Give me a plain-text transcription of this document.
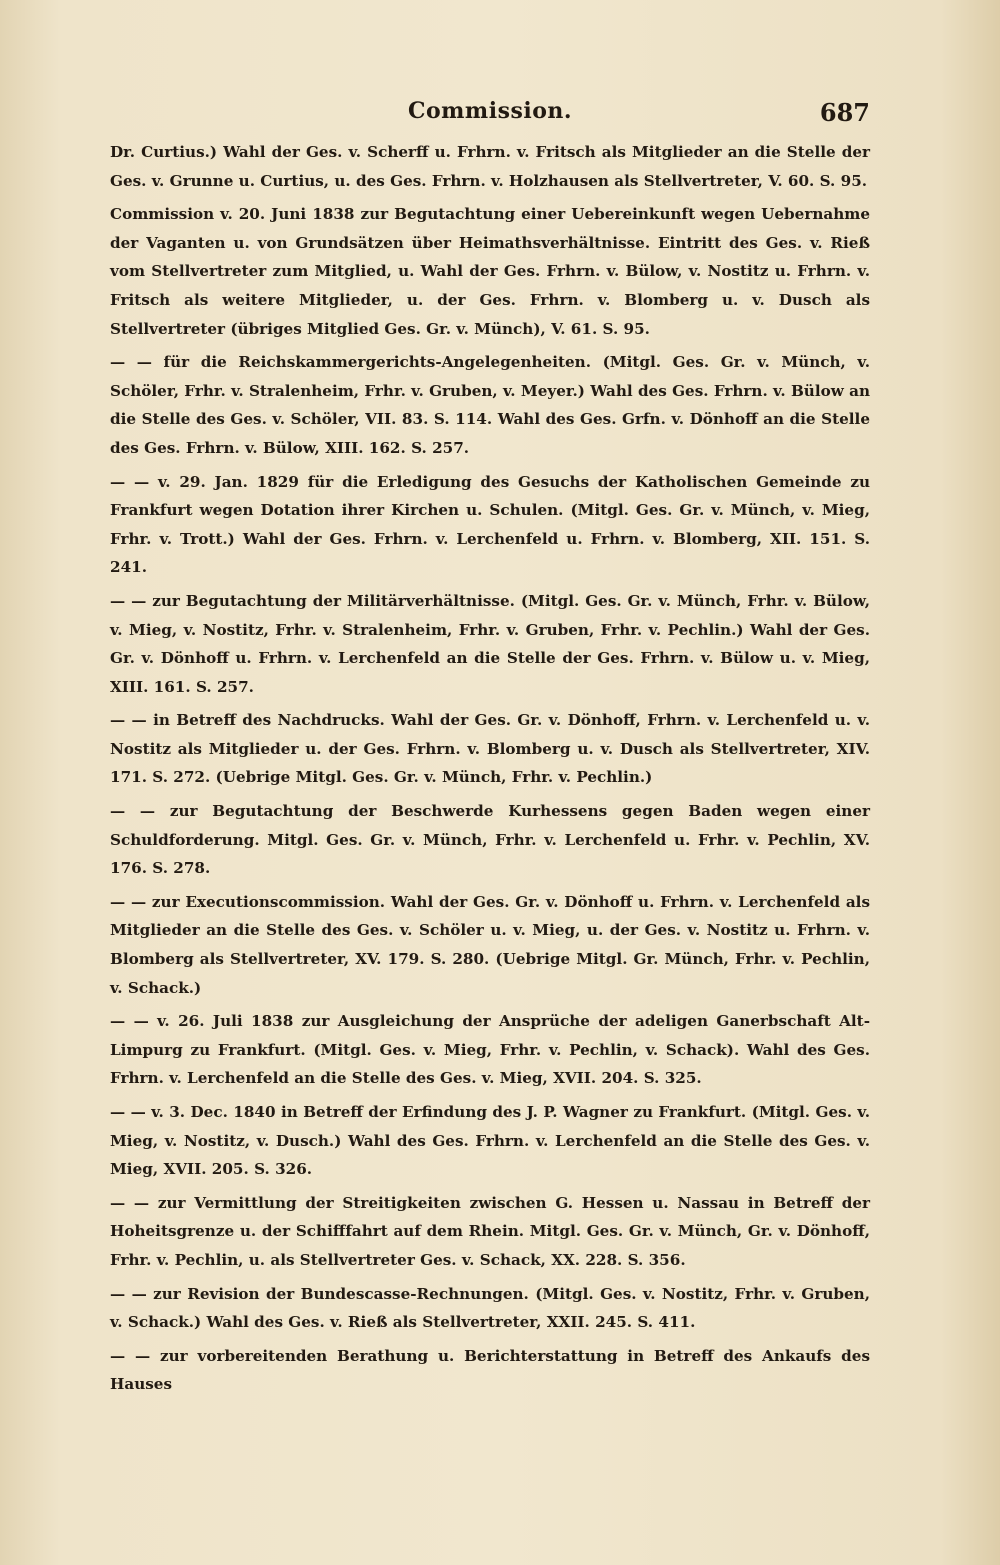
Commission.	687

Dr. Curtius.) Wahl der Ges. v. Scherff u. Frhrn. v. Fritsch als Mitglieder an die Stelle der Ges. v. Grunne u. Curtius, u. des Ges. Frhrn. v. Holzhausen als Stellvertreter, V. 60. S. 95.

Commission v. 20. Juni 1838 zur Begutachtung einer Uebereinkunft wegen Uebernahme der Vaganten u. von Grundsätzen über Heimathsverhältnisse. Eintritt des Ges. v. Rieß vom Stellvertreter zum Mitglied, u. Wahl der Ges. Frhrn. v. Bülow, v. Nostitz u. Frhrn. v. Fritsch als weitere Mitglieder, u. der Ges. Frhrn. v. Blomberg u. v. Dusch als Stellvertreter (übriges Mitglied Ges. Gr. v. Münch), V. 61. S. 95.

— — für die Reichskammergerichts-Angelegenheiten. (Mitgl. Ges. Gr. v. Münch, v. Schöler, Frhr. v. Stralenheim, Frhr. v. Gruben, v. Meyer.) Wahl des Ges. Frhrn. v. Bülow an die Stelle des Ges. v. Schöler, VII. 83. S. 114. Wahl des Ges. Grfn. v. Dönhoff an die Stelle des Ges. Frhrn. v. Bülow, XIII. 162. S. 257.

— — v. 29. Jan. 1829 für die Erledigung des Gesuchs der Katholischen Gemeinde zu Frankfurt wegen Dotation ihrer Kirchen u. Schulen. (Mitgl. Ges. Gr. v. Münch, v. Mieg, Frhr. v. Trott.) Wahl der Ges. Frhrn. v. Lerchenfeld u. Frhrn. v. Blomberg, XII. 151. S. 241.

— — zur Begutachtung der Militärverhältnisse. (Mitgl. Ges. Gr. v. Münch, Frhr. v. Bülow, v. Mieg, v. Nostitz, Frhr. v. Stralenheim, Frhr. v. Gruben, Frhr. v. Pechlin.) Wahl der Ges. Gr. v. Dönhoff u. Frhrn. v. Lerchenfeld an die Stelle der Ges. Frhrn. v. Bülow u. v. Mieg, XIII. 161. S. 257.

— — in Betreff des Nachdrucks. Wahl der Ges. Gr. v. Dönhoff, Frhrn. v. Lerchenfeld u. v. Nostitz als Mitglieder u. der Ges. Frhrn. v. Blomberg u. v. Dusch als Stellvertreter, XIV. 171. S. 272. (Uebrige Mitgl. Ges. Gr. v. Münch, Frhr. v. Pechlin.)

— — zur Begutachtung der Beschwerde Kurhessens gegen Baden wegen einer Schuldforderung. Mitgl. Ges. Gr. v. Münch, Frhr. v. Lerchenfeld u. Frhr. v. Pechlin, XV. 176. S. 278.

— — zur Executionscommission. Wahl der Ges. Gr. v. Dönhoff u. Frhrn. v. Lerchenfeld als Mitglieder an die Stelle des Ges. v. Schöler u. v. Mieg, u. der Ges. v. Nostitz u. Frhrn. v. Blomberg als Stellvertreter, XV. 179. S. 280. (Uebrige Mitgl. Gr. Münch, Frhr. v. Pechlin, v. Schack.)

— — v. 26. Juli 1838 zur Ausgleichung der Ansprüche der adeligen Ganerbschaft Alt-Limpurg zu Frankfurt. (Mitgl. Ges. v. Mieg, Frhr. v. Pechlin, v. Schack). Wahl des Ges. Frhrn. v. Lerchenfeld an die Stelle des Ges. v. Mieg, XVII. 204. S. 325.

— — v. 3. Dec. 1840 in Betreff der Erfindung des J. P. Wagner zu Frankfurt. (Mitgl. Ges. v. Mieg, v. Nostitz, v. Dusch.) Wahl des Ges. Frhrn. v. Lerchenfeld an die Stelle des Ges. v. Mieg, XVII. 205. S. 326.

— — zur Vermittlung der Streitigkeiten zwischen G. Hessen u. Nassau in Betreff der Hoheitsgrenze u. der Schifffahrt auf dem Rhein. Mitgl. Ges. Gr. v. Münch, Gr. v. Dönhoff, Frhr. v. Pechlin, u. als Stellvertreter Ges. v. Schack, XX. 228. S. 356.

— — zur Revision der Bundescasse-Rechnungen. (Mitgl. Ges. v. Nostitz, Frhr. v. Gruben, v. Schack.) Wahl des Ges. v. Rieß als Stellvertreter, XXII. 245. S. 411.

— — zur vorbereitenden Berathung u. Berichterstattung in Betreff des Ankaufs des Hauses
